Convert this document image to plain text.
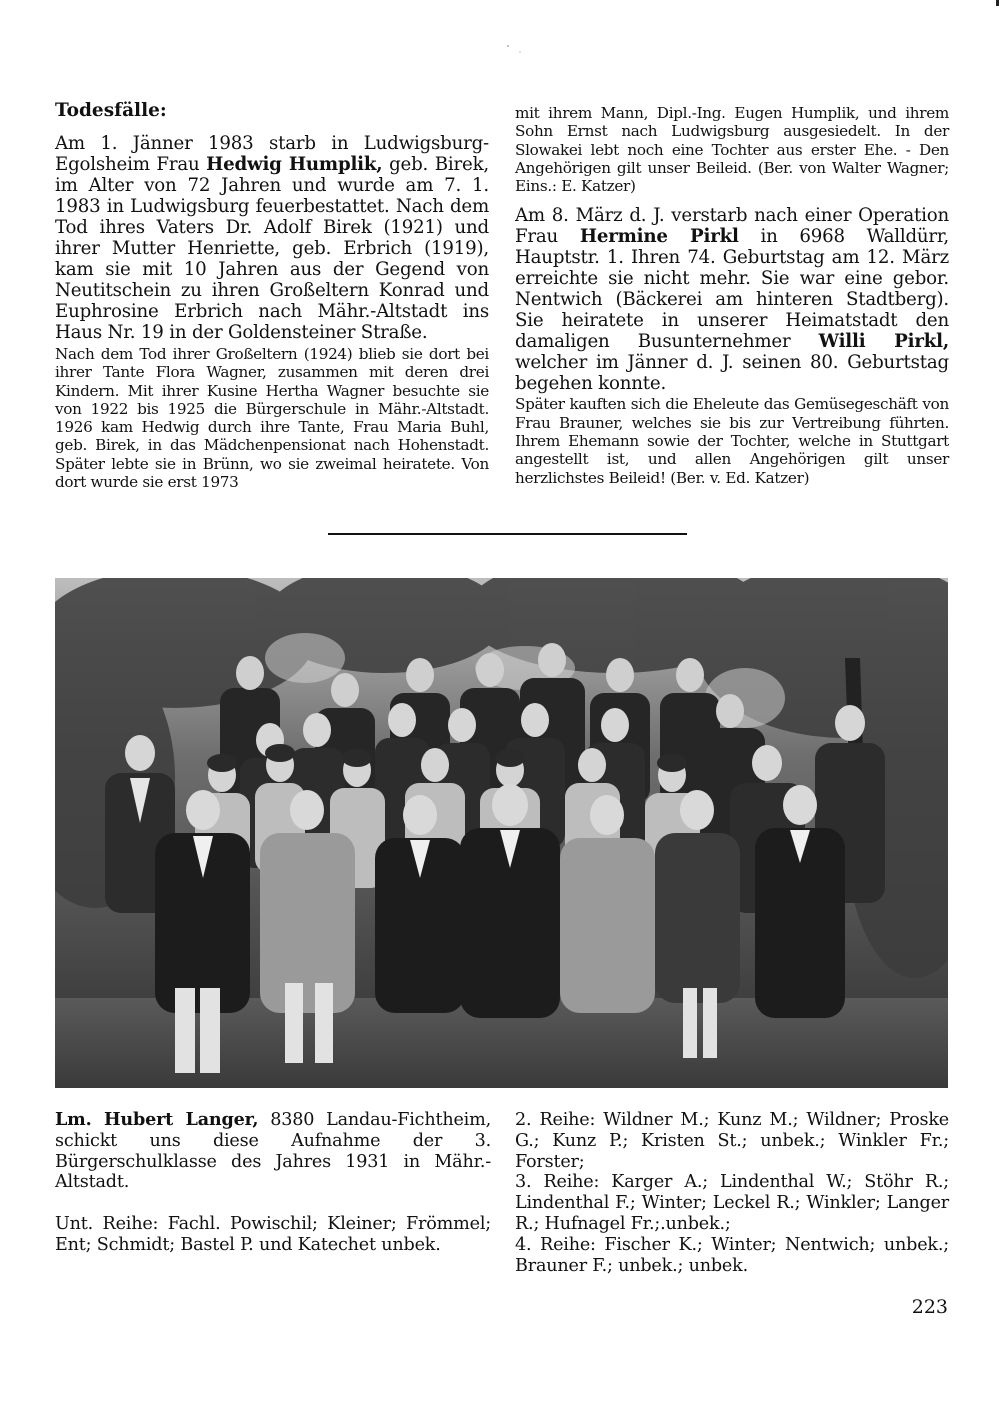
Todesfälle:

Am 1. Jänner 1983 starb in Ludwigsburg-Egolsheim Frau Hedwig Humplik, geb. Birek, im Alter von 72 Jahren und wurde am 7. 1. 1983 in Ludwigsburg feuerbestattet. Nach dem Tod ihres Vaters Dr. Adolf Birek (1921) und ihrer Mutter Henriette, geb. Erbrich (1919), kam sie mit 10 Jahren aus der Gegend von Neutitschein zu ihren Großeltern Konrad und Euphrosine Erbrich nach Mähr.-Altstadt ins Haus Nr. 19 in der Goldensteiner Straße.

Nach dem Tod ihrer Großeltern (1924) blieb sie dort bei ihrer Tante Flora Wagner, zusammen mit deren drei Kindern. Mit ihrer Kusine Hertha Wagner besuchte sie von 1922 bis 1925 die Bürgerschule in Mähr.-Altstadt. 1926 kam Hedwig durch ihre Tante, Frau Maria Buhl, geb. Birek, in das Mädchenpensionat nach Hohenstadt. Später lebte sie in Brünn, wo sie zweimal heiratete. Von dort wurde sie erst 1973

mit ihrem Mann, Dipl.-Ing. Eugen Humplik, und ihrem Sohn Ernst nach Ludwigsburg ausgesiedelt. In der Slowakei lebt noch eine Tochter aus erster Ehe. - Den Angehörigen gilt unser Beileid. (Ber. von Walter Wagner; Eins.: E. Katzer)

Am 8. März d. J. verstarb nach einer Operation Frau Hermine Pirkl in 6968 Walldürr, Hauptstr. 1. Ihren 74. Geburtstag am 12. März erreichte sie nicht mehr. Sie war eine gebor. Nentwich (Bäckerei am hinteren Stadtberg). Sie heiratete in unserer Heimatstadt den damaligen Busunternehmer Willi Pirkl, welcher im Jänner d. J. seinen 80. Geburtstag begehen konnte.

Später kauften sich die Eheleute das Gemüsegeschäft von Frau Brauner, welches sie bis zur Vertreibung führten. Ihrem Ehemann sowie der Tochter, welche in Stuttgart angestellt ist, und allen Angehörigen gilt unser herzlichstes Beileid! (Ber. v. Ed. Katzer)

Lm. Hubert Langer, 8380 Landau-Fichtheim, schickt uns diese Aufnahme der 3. Bürgerschulklasse des Jahres 1931 in Mähr.-Altstadt.

Unt. Reihe: Fachl. Powischil; Kleiner; Frömmel; Ent; Schmidt; Bastel P. und Katechet unbek.

2. Reihe: Wildner M.; Kunz M.; Wildner; Proske G.; Kunz P.; Kristen St.; unbek.; Winkler Fr.; Forster;

3. Reihe: Karger A.; Lindenthal W.; Stöhr R.; Lindenthal F.; Winter; Leckel R.; Winkler; Langer R.; Hufnagel Fr.;.unbek.;

4. Reihe: Fischer K.; Winter; Nentwich; unbek.; Brauner F.; unbek.; unbek.

223
